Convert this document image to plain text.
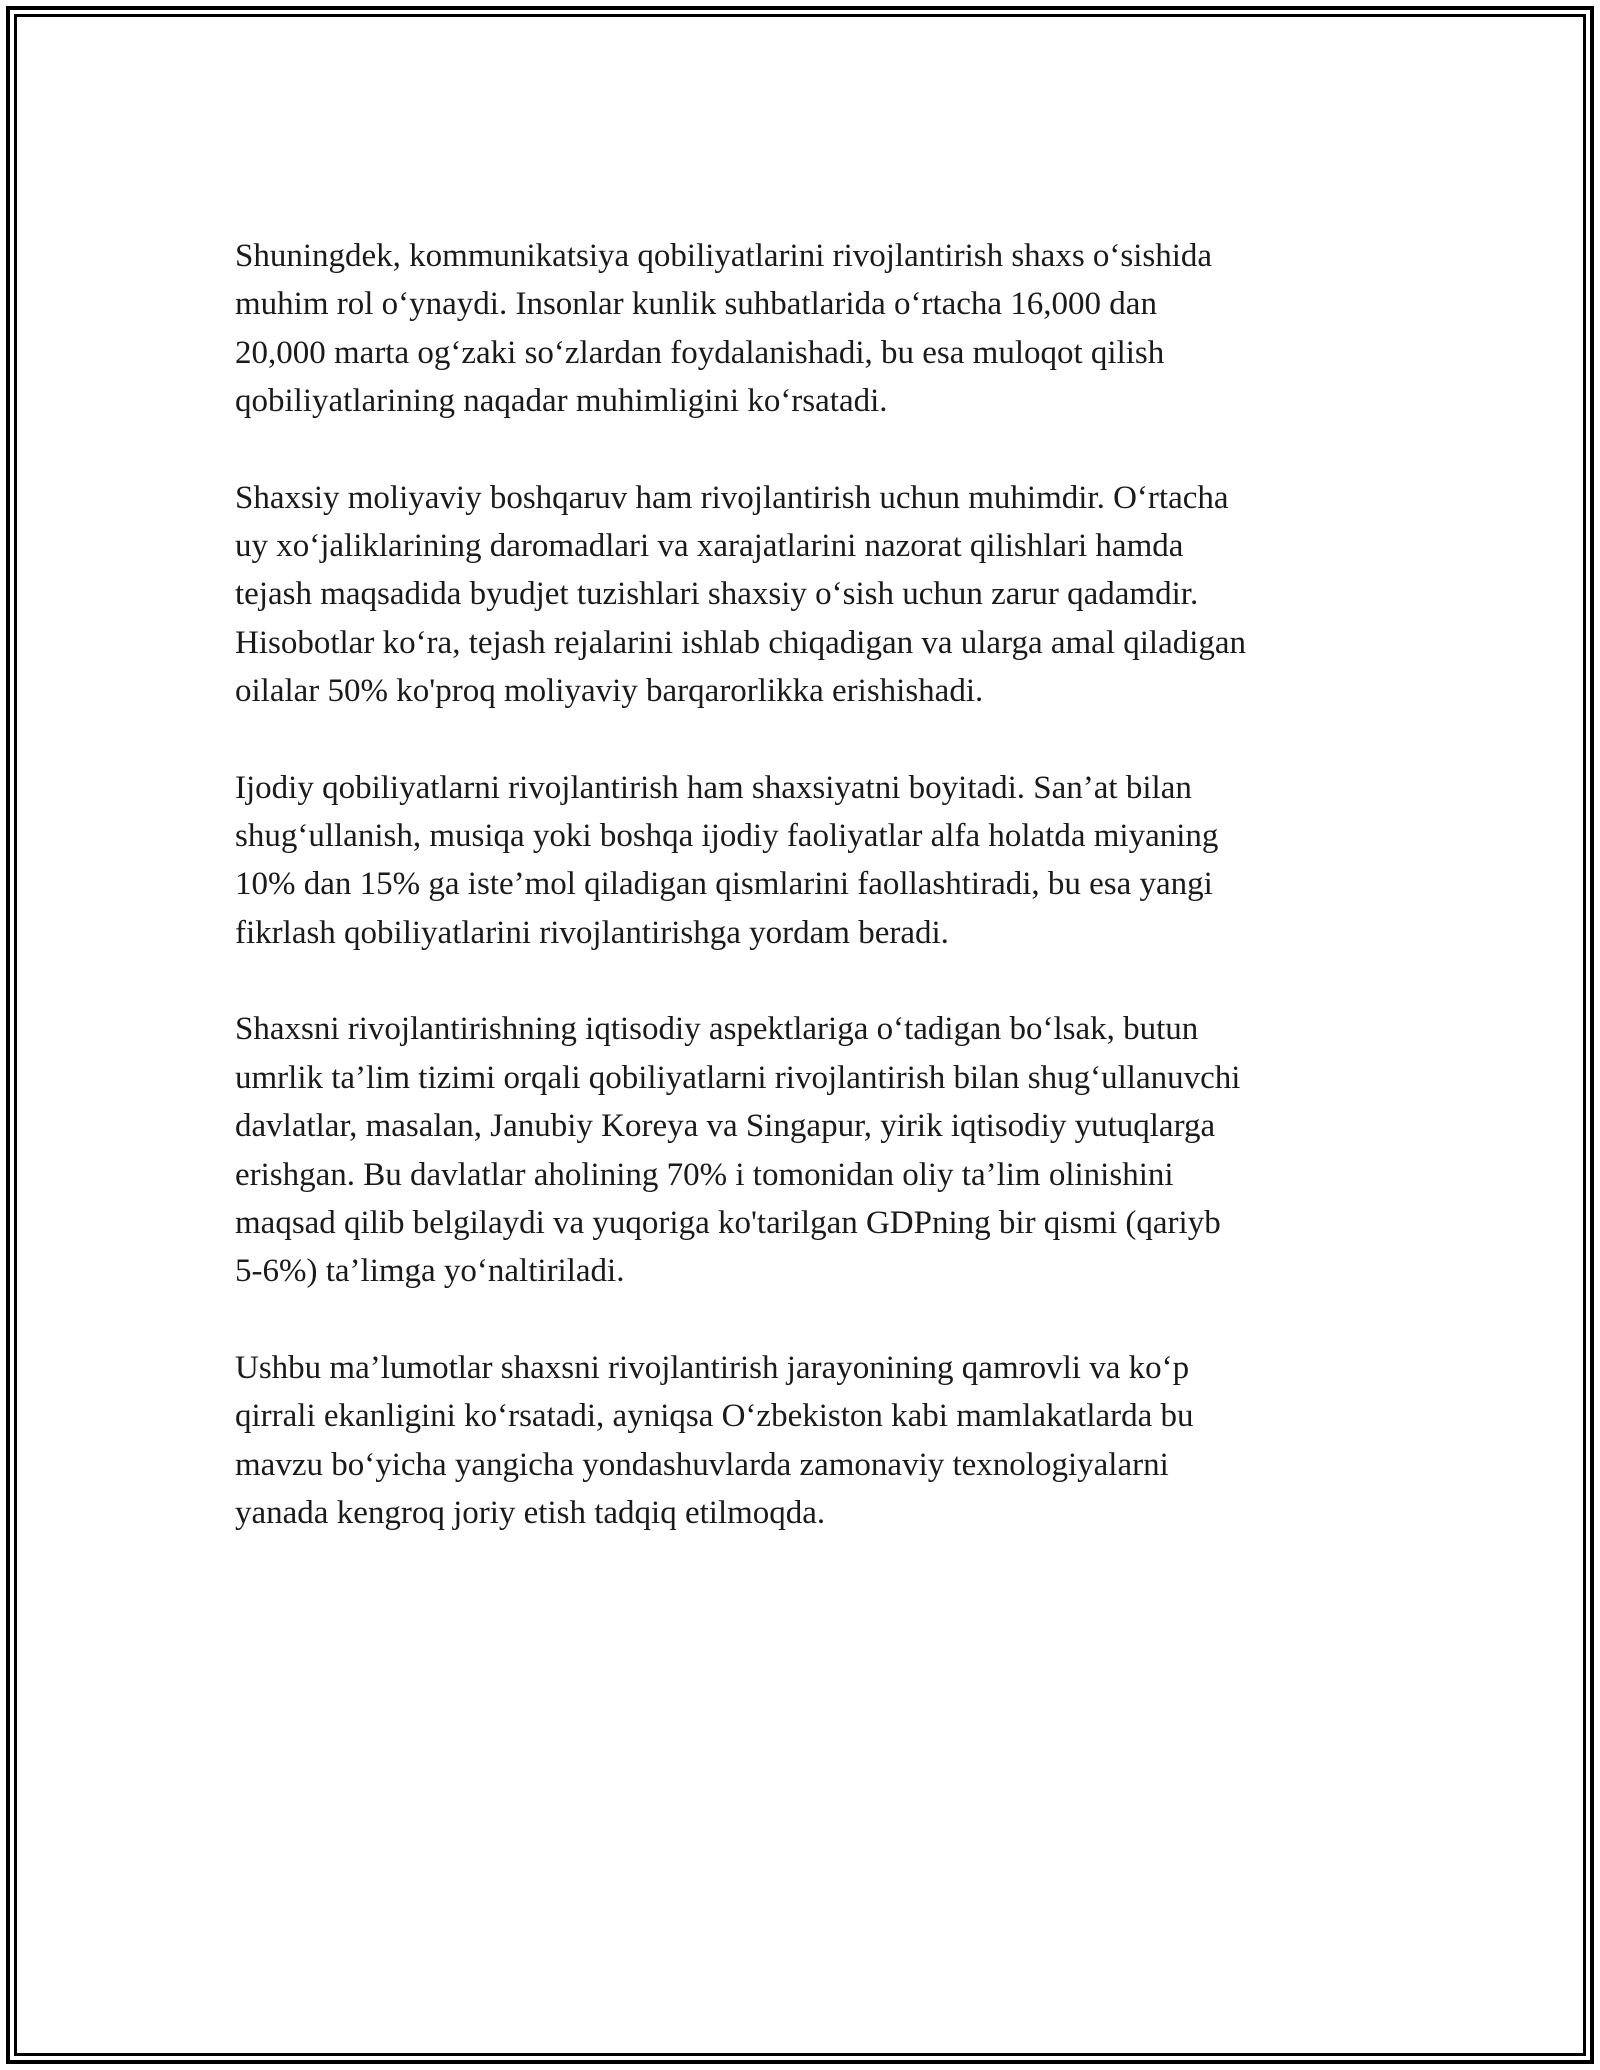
Shuningdek, kommunikatsiya qobiliyatlarini rivojlantirish shaxs o‘sishida
muhim rol o‘ynaydi. Insonlar kunlik suhbatlarida o‘rtacha 16,000 dan
20,000 marta og‘zaki so‘zlardan foydalanishadi, bu esa muloqot qilish
qobiliyatlarining naqadar muhimligini ko‘rsatadi.

Shaxsiy moliyaviy boshqaruv ham rivojlantirish uchun muhimdir. O‘rtacha
uy xo‘jaliklarining daromadlari va xarajatlarini nazorat qilishlari hamda
tejash maqsadida byudjet tuzishlari shaxsiy o‘sish uchun zarur qadamdir.
Hisobotlar ko‘ra, tejash rejalarini ishlab chiqadigan va ularga amal qiladigan
oilalar 50% ko'proq moliyaviy barqarorlikka erishishadi.

Ijodiy qobiliyatlarni rivojlantirish ham shaxsiyatni boyitadi. San’at bilan
shug‘ullanish, musiqa yoki boshqa ijodiy faoliyatlar alfa holatda miyaning
10% dan 15% ga iste’mol qiladigan qismlarini faollashtiradi, bu esa yangi
fikrlash qobiliyatlarini rivojlantirishga yordam beradi.

Shaxsni rivojlantirishning iqtisodiy aspektlariga o‘tadigan bo‘lsak, butun
umrlik ta’lim tizimi orqali qobiliyatlarni rivojlantirish bilan shug‘ullanuvchi
davlatlar, masalan, Janubiy Koreya va Singapur, yirik iqtisodiy yutuqlarga
erishgan. Bu davlatlar aholining 70% i tomonidan oliy ta’lim olinishini
maqsad qilib belgilaydi va yuqoriga ko'tarilgan GDPning bir qismi (qariyb
5-6%) ta’limga yo‘naltiriladi.

Ushbu ma’lumotlar shaxsni rivojlantirish jarayonining qamrovli va ko‘p
qirrali ekanligini ko‘rsatadi, ayniqsa O‘zbekiston kabi mamlakatlarda bu
mavzu bo‘yicha yangicha yondashuvlarda zamonaviy texnologiyalarni
yanada kengroq joriy etish tadqiq etilmoqda.
